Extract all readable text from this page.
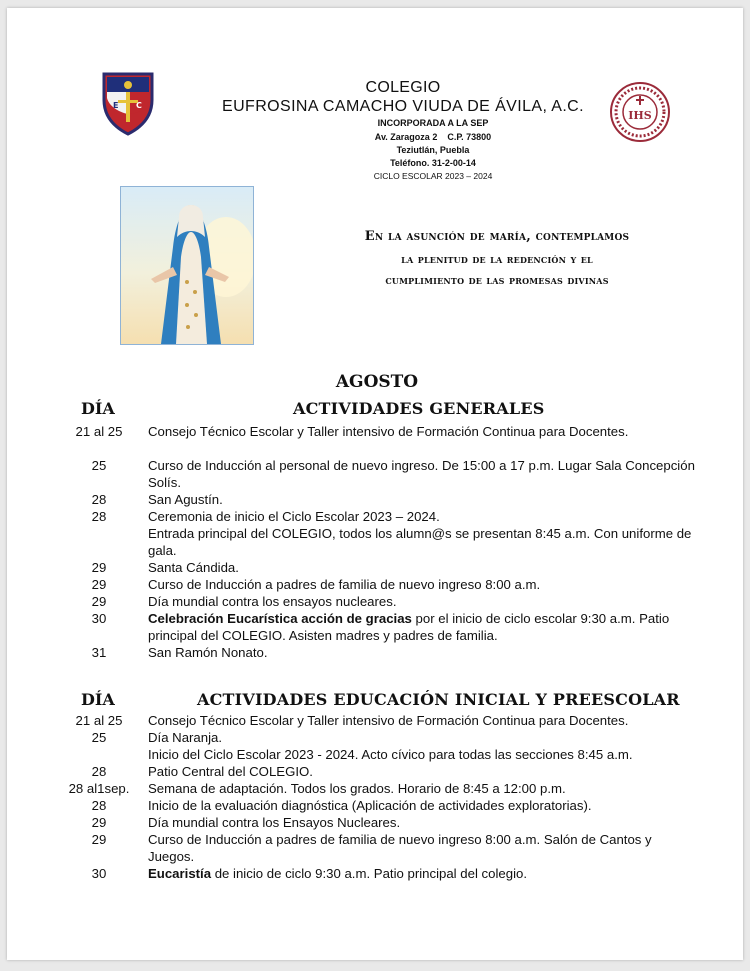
E C
COLEGIO
EUFROSINA CAMACHO VIUDA DE ÁVILA, A.C.
INCORPORADA A LA SEP
Av. Zaragoza 2    C.P. 73800
Teziutlán, Puebla
Teléfono. 31-2-00-14
CICLO ESCOLAR 2023 – 2024
IHS
En la asunción de maría, contemplamos
la plenitud de la redención y el
cumplimiento de las promesas divinas
AGOSTO
DÍA	ACTIVIDADES GENERALES
21 al 25	Consejo Técnico Escolar y Taller intensivo de Formación Continua para Docentes.
25	Curso de Inducción al personal de nuevo ingreso. De 15:00 a 17 p.m. Lugar Sala Concepción Solís.
28	San Agustín.
28	Ceremonia de inicio el Ciclo Escolar 2023 – 2024.
Entrada principal del COLEGIO, todos los alumn@s se presentan 8:45 a.m. Con uniforme de gala.
29	Santa Cándida.
29	Curso de Inducción a padres de familia de nuevo ingreso 8:00 a.m.
29	Día mundial contra los ensayos nucleares.
30	Celebración Eucarística acción de gracias por el inicio de ciclo escolar 9:30 a.m. Patio principal del COLEGIO. Asisten madres y padres de familia.
31	San Ramón Nonato.
DÍA	ACTIVIDADES EDUCACIÓN INICIAL Y PREESCOLAR
21 al 25	Consejo Técnico Escolar y Taller intensivo de Formación Continua para Docentes.
25	Día Naranja.
Inicio del Ciclo Escolar 2023 - 2024. Acto cívico para todas las secciones 8:45 a.m.
28	Patio Central del COLEGIO.
28 al1sep.	Semana de adaptación. Todos los grados. Horario de 8:45 a 12:00 p.m.
28	Inicio de la evaluación diagnóstica (Aplicación de actividades exploratorias).
29	Día mundial contra los Ensayos Nucleares.
29	Curso de Inducción a padres de familia de nuevo ingreso 8:00 a.m. Salón de Cantos y Juegos.
30	Eucaristía de inicio de ciclo 9:30 a.m. Patio principal del colegio.
